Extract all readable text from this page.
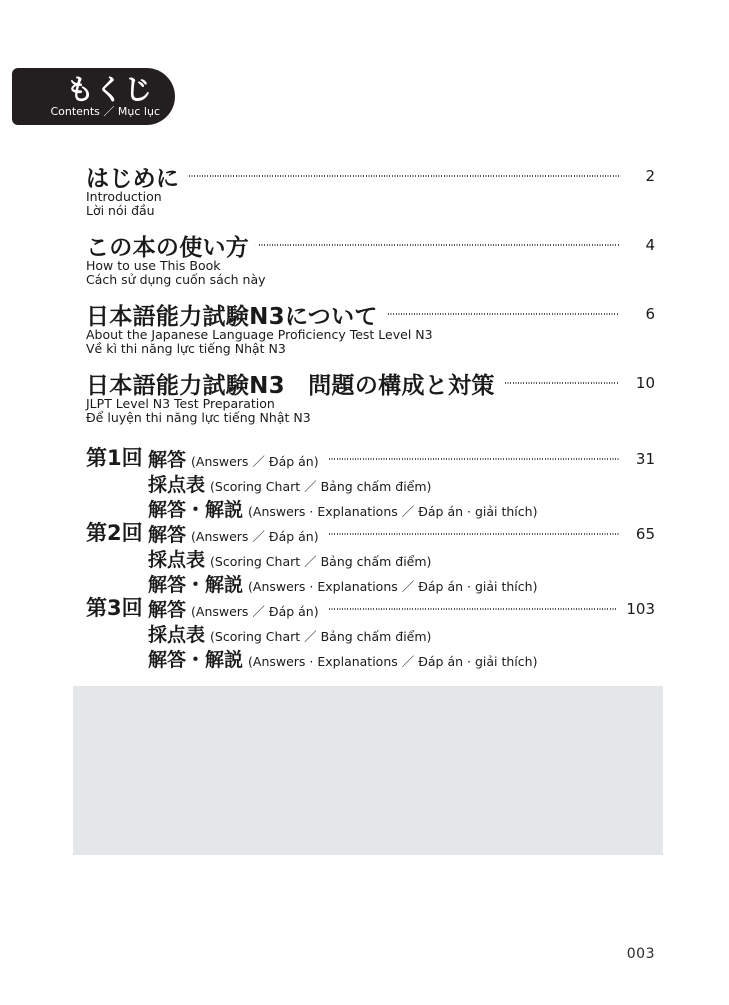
もくじ
Contents ／ Mục lục
はじめに	2
Introduction
Lời nói đầu
この本の使い方	4
How to use This Book
Cách sử dụng cuốn sách này
日本語能力試験N3について	6
About the Japanese Language Proficiency Test Level N3
Về kì thi năng lực tiếng Nhật N3
日本語能力試験N3　問題の構成と対策	10
JLPT Level N3 Test Preparation
Để luyện thi năng lực tiếng Nhật N3
第1回 解答 (Answers ／ Đáp án)	31
採点表 (Scoring Chart ／ Bảng chấm điểm)
解答・解説 (Answers · Explanations ／ Đáp án · giải thích)
第2回 解答 (Answers ／ Đáp án)	65
採点表 (Scoring Chart ／ Bảng chấm điểm)
解答・解説 (Answers · Explanations ／ Đáp án · giải thích)
第3回 解答 (Answers ／ Đáp án)	103
採点表 (Scoring Chart ／ Bảng chấm điểm)
解答・解説 (Answers · Explanations ／ Đáp án · giải thích)
003
